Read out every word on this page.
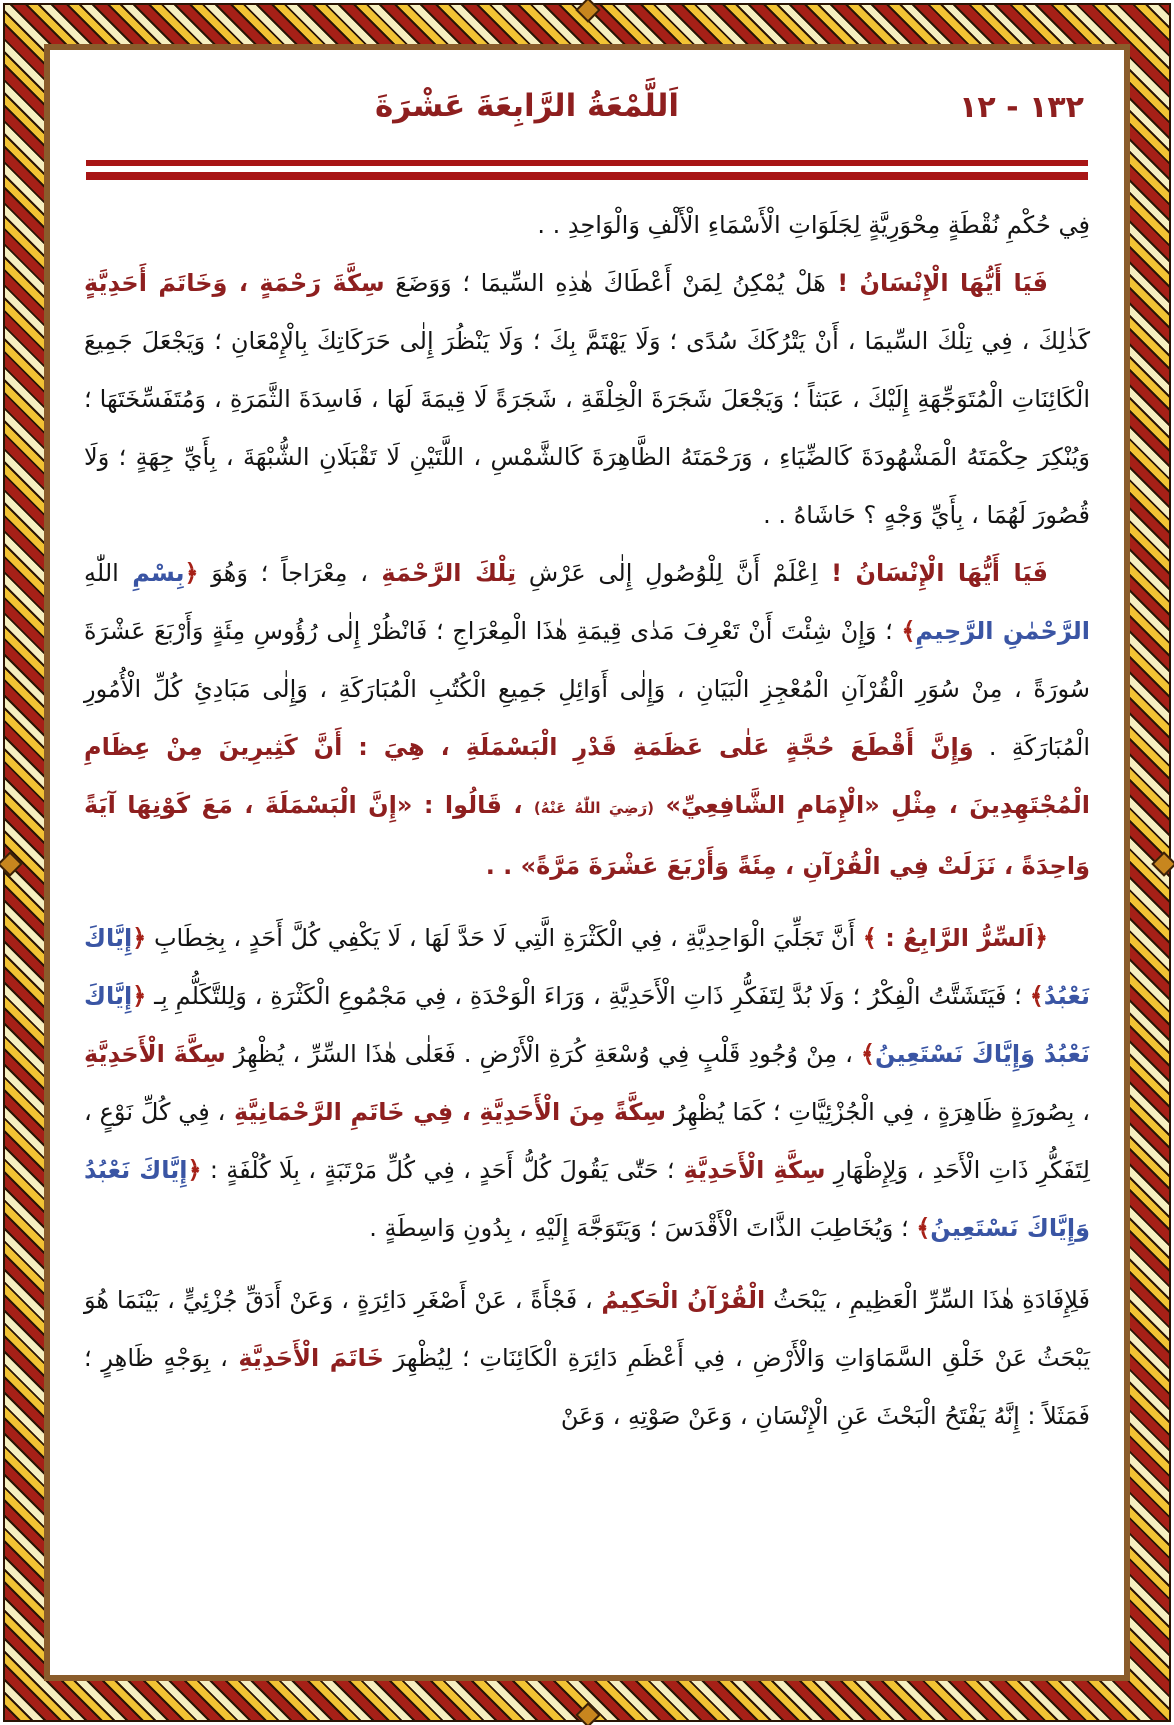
١٣٢ - ١٢
اَللَّمْعَةُ الرَّابِعَةَ عَشْرَةَ

فِي حُكْمِ نُقْطَةٍ مِحْوَرِيَّةٍ لِجَلَوَاتِ الْأَسْمَاءِ الْأَلْفِ وَالْوَاحِدِ . .

فَيَا أَيُّهَا الْإِنْسَانُ ! هَلْ يُمْكِنُ لِمَنْ أَعْطَاكَ هٰذِهِ السِّيمَا ؛ وَوَضَعَ سِكَّةَ رَحْمَةٍ ، وَخَاتَمَ أَحَدِيَّةٍ كَذٰلِكَ ، فِي تِلْكَ السِّيمَا ، أَنْ يَتْرُكَكَ سُدًى ؛ وَلَا يَهْتَمَّ بِكَ ؛ وَلَا يَنْظُرَ إِلٰى حَرَكَاتِكَ بِالْإِمْعَانِ ؛ وَيَجْعَلَ جَمِيعَ الْكَائِنَاتِ الْمُتَوَجِّهَةِ إِلَيْكَ ، عَبَثاً ؛ وَيَجْعَلَ شَجَرَةَ الْخِلْقَةِ ، شَجَرَةً لَا قِيمَةَ لَهَا ، فَاسِدَةَ الثَّمَرَةِ ، وَمُتَفَسِّخَتَهَا ؛ وَيُنْكِرَ حِكْمَتَهُ الْمَشْهُودَةَ كَالضِّيَاءِ ، وَرَحْمَتَهُ الظَّاهِرَةَ كَالشَّمْسِ ، اللَّتَيْنِ لَا تَقْبَلَانِ الشُّبْهَةَ ، بِأَيِّ جِهَةٍ ؛ وَلَا قُصُورَ لَهُمَا ، بِأَيِّ وَجْهٍ ؟ حَاشَاهُ . .

فَيَا أَيُّهَا الْإِنْسَانُ ! اِعْلَمْ أَنَّ لِلْوُصُولِ إِلٰى عَرْشِ تِلْكَ الرَّحْمَةِ ، مِعْرَاجاً ؛ وَهُوَ ﴿بِسْمِ اللّٰهِ الرَّحْمٰنِ الرَّحِيمِ﴾ ؛ وَإِنْ شِئْتَ أَنْ تَعْرِفَ مَدٰى قِيمَةِ هٰذَا الْمِعْرَاجِ ؛ فَانْظُرْ إِلٰى رُؤُوسِ مِئَةٍ وَأَرْبَعَ عَشْرَةَ سُورَةً ، مِنْ سُوَرِ الْقُرْآنِ الْمُعْجِزِ الْبَيَانِ ، وَإِلٰى أَوَائِلِ جَمِيعِ الْكُتُبِ الْمُبَارَكَةِ ، وَإِلٰى مَبَادِئِ كُلِّ الْأُمُورِ الْمُبَارَكَةِ . وَإِنَّ أَقْطَعَ حُجَّةٍ عَلٰى عَظَمَةِ قَدْرِ الْبَسْمَلَةِ ، هِيَ : أَنَّ كَثِيرِينَ مِنْ عِظَامِ الْمُجْتَهِدِينَ ، مِثْلِ «الْإِمَامِ الشَّافِعِيِّ» (رَضِيَ اللّٰهُ عَنْهُ) ، قَالُوا : «إِنَّ الْبَسْمَلَةَ ، مَعَ كَوْنِهَا آيَةً وَاحِدَةً ، نَزَلَتْ فِي الْقُرْآنِ ، مِئَةً وَأَرْبَعَ عَشْرَةَ مَرَّةً» . .

﴿اَلسِّرُّ الرَّابِعُ : ﴾ أَنَّ تَجَلِّيَ الْوَاحِدِيَّةِ ، فِي الْكَثْرَةِ الَّتِي لَا حَدَّ لَهَا ، لَا يَكْفِي كُلَّ أَحَدٍ ، بِخِطَابِ ﴿إِيَّاكَ نَعْبُدُ﴾ ؛ فَيَتَشَتَّتُ الْفِكْرُ ؛ وَلَا بُدَّ لِتَفَكُّرِ ذَاتِ الْأَحَدِيَّةِ ، وَرَاءَ الْوَحْدَةِ ، فِي مَجْمُوعِ الْكَثْرَةِ ، وَلِلتَّكَلُّمِ بِـ ﴿إِيَّاكَ نَعْبُدُ وَإِيَّاكَ نَسْتَعِينُ﴾ ، مِنْ وُجُودِ قَلْبٍ فِي وُسْعَةِ كُرَةِ الْأَرْضِ . فَعَلٰى هٰذَا السِّرِّ ، يُظْهِرُ سِكَّةَ الْأَحَدِيَّةِ ، بِصُورَةٍ ظَاهِرَةٍ ، فِي الْجُزْئِيَّاتِ ؛ كَمَا يُظْهِرُ سِكَّةً مِنَ الْأَحَدِيَّةِ ، فِي خَاتَمِ الرَّحْمَانِيَّةِ ، فِي كُلِّ نَوْعٍ ، لِتَفَكُّرِ ذَاتِ الْأَحَدِ ، وَلِإِظْهَارِ سِكَّةِ الْأَحَدِيَّةِ ؛ حَتّٰى يَقُولَ كُلُّ أَحَدٍ ، فِي كُلِّ مَرْتَبَةٍ ، بِلَا كُلْفَةٍ : ﴿إِيَّاكَ نَعْبُدُ وَإِيَّاكَ نَسْتَعِينُ﴾ ؛ وَيُخَاطِبَ الذَّاتَ الْأَقْدَسَ ؛ وَيَتَوَجَّهَ إِلَيْهِ ، بِدُونِ وَاسِطَةٍ .

فَلِإِفَادَةِ هٰذَا السِّرِّ الْعَظِيمِ ، يَبْحَثُ الْقُرْآنُ الْحَكِيمُ ، فَجْأَةً ، عَنْ أَصْغَرِ دَائِرَةٍ ، وَعَنْ أَدَقِّ جُزْئِيٍّ ، بَيْنَمَا هُوَ يَبْحَثُ عَنْ خَلْقِ السَّمَاوَاتِ وَالْأَرْضِ ، فِي أَعْظَمِ دَائِرَةِ الْكَائِنَاتِ ؛ لِيُظْهِرَ خَاتَمَ الْأَحَدِيَّةِ ، بِوَجْهٍ ظَاهِرٍ ؛ فَمَثَلاً : إِنَّهُ يَفْتَحُ الْبَحْثَ عَنِ الْإِنْسَانِ ، وَعَنْ صَوْتِهِ ، وَعَنْ
